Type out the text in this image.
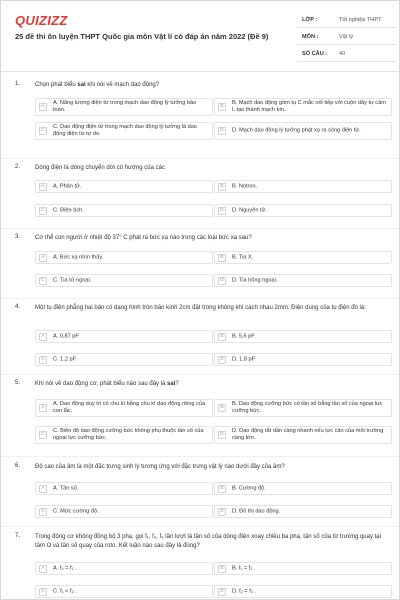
QUIZIZZ
25 đề thi ôn luyện THPT Quốc gia môn Vật lí có đáp án năm 2022 (Đề 9)
LỚP :	Tốt nghiệp THPT
MÔN :	Vật lý
SỐ CÂU : 40
1. Chọn phát biểu sai khi nói về mạch dao động?
A
A. Năng lượng điện từ trong mạch dao động lý tưởng bảo toàn.
B
B. Mạch dao động gồm tụ C mắc nối tiếp với cuộn dây tự cảm L tạo thành mạch kín.
C
C. Dao động điện từ trong mạch dao động lý tưởng là dao động điện từ tự do.
D	D. Mạch dao động lý tưởng phát xạ ra sóng điện từ.
2. Dòng điện là dòng chuyển dời có hướng của các
A	A. Phân tử.	B	B. Notron.
C	C. Điện tích.	D	D. Nguyên tử.
3. Cơ thể con người ở nhiệt độ 37° C phát ra bức xạ nào trong các loại bức xạ sau?
A	A. Bức xạ nhìn thấy.	B	B. Tia X.
C	C. Tia tử ngoại.	D	D. Tia hồng ngoại.
4. Một tụ điện phẳng hai bản có dạng hình tròn bán kính 2cm đặt trong không khí cách nhau 2mm. Điện dung của tụ điện đó là:
A	A. 0,87 pF	B	B. 5,6 pF
C	C. 1,2 pF	D	D. 1,8 pF
5. Khi nói về dao động cơ, phát biểu nào sau đây là sai?
A
A. Dao động duy trì có chu kì bằng chu kì dao động riêng của con lắc.
B
B. Dao động cưỡng bức có tần số bằng tần số của ngoại lực cưỡng bức.
C
C. Biên độ dao động cưỡng bức không phụ thuộc tần số của ngoại lực cưỡng bức.
D
D. Dao động tắt dần càng nhanh nếu lực cản của môi trường càng lớn.
6. Độ cao của âm là một đặc trưng sinh lý tương ứng với đặc trưng vật lý nào dưới đây của âm?
A	A. Tần số.	B	B. Cường độ.
C	C. Mức cường độ.	D	D. Đồ thị dao động.
7. Trong động cơ không đồng bộ 3 pha, gọi f₁, f₂, f₃ lần lượt là tần số của dòng điện xoay chiều ba pha, tần số của từ trường quay tại tâm O và tần số quay của roto. Kết luận nào sau đây là đúng?
A	A. f₃ = f₁ .	B	B. f₁ = f₂ .
C	C. f₁ < f₂ .	D	D. f₂ = f₃ .
